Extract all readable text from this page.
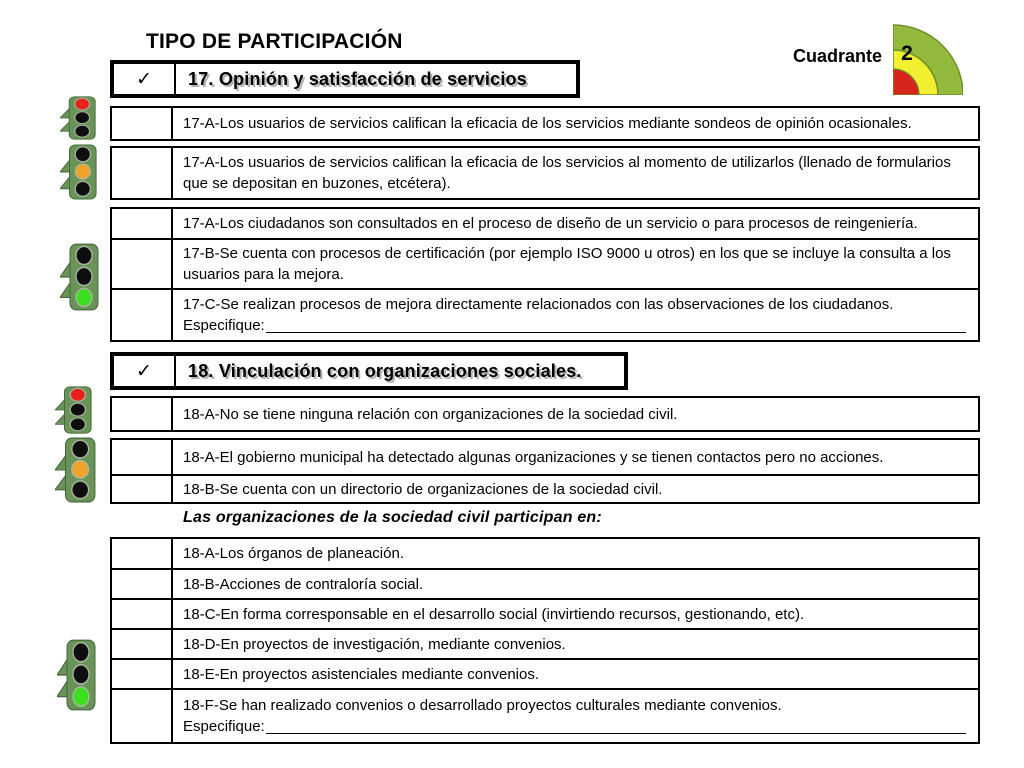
TIPO DE PARTICIPACIÓN
Cuadrante 2
✓	17. Opinión y satisfacción de servicios
17-A-Los usuarios de servicios califican la eficacia de los servicios mediante sondeos de opinión ocasionales.
17-A-Los usuarios de servicios califican la eficacia de los servicios al momento de utilizarlos (llenado de formularios que se depositan en buzones, etcétera).
17-A-Los ciudadanos son consultados en el proceso de diseño de un servicio o para procesos de reingeniería.
17-B-Se cuenta con procesos de certificación (por ejemplo ISO 9000 u otros) en los que se incluye la consulta a los usuarios para la mejora.
17-C-Se realizan procesos de mejora directamente relacionados con las observaciones de los ciudadanos.
Especifique:
✓	18. Vinculación con organizaciones sociales.
18-A-No se tiene ninguna relación con organizaciones de la sociedad civil.
18-A-El gobierno municipal ha detectado algunas organizaciones y se tienen contactos pero no acciones.
18-B-Se cuenta con un directorio de organizaciones de la sociedad civil.
Las organizaciones de la sociedad civil participan en:
18-A-Los órganos de planeación.
18-B-Acciones de contraloría social.
18-C-En forma corresponsable en el desarrollo social (invirtiendo recursos, gestionando, etc).
18-D-En proyectos de investigación, mediante convenios.
18-E-En proyectos asistenciales mediante convenios.
18-F-Se han realizado convenios o desarrollado proyectos culturales mediante convenios.
Especifique:
